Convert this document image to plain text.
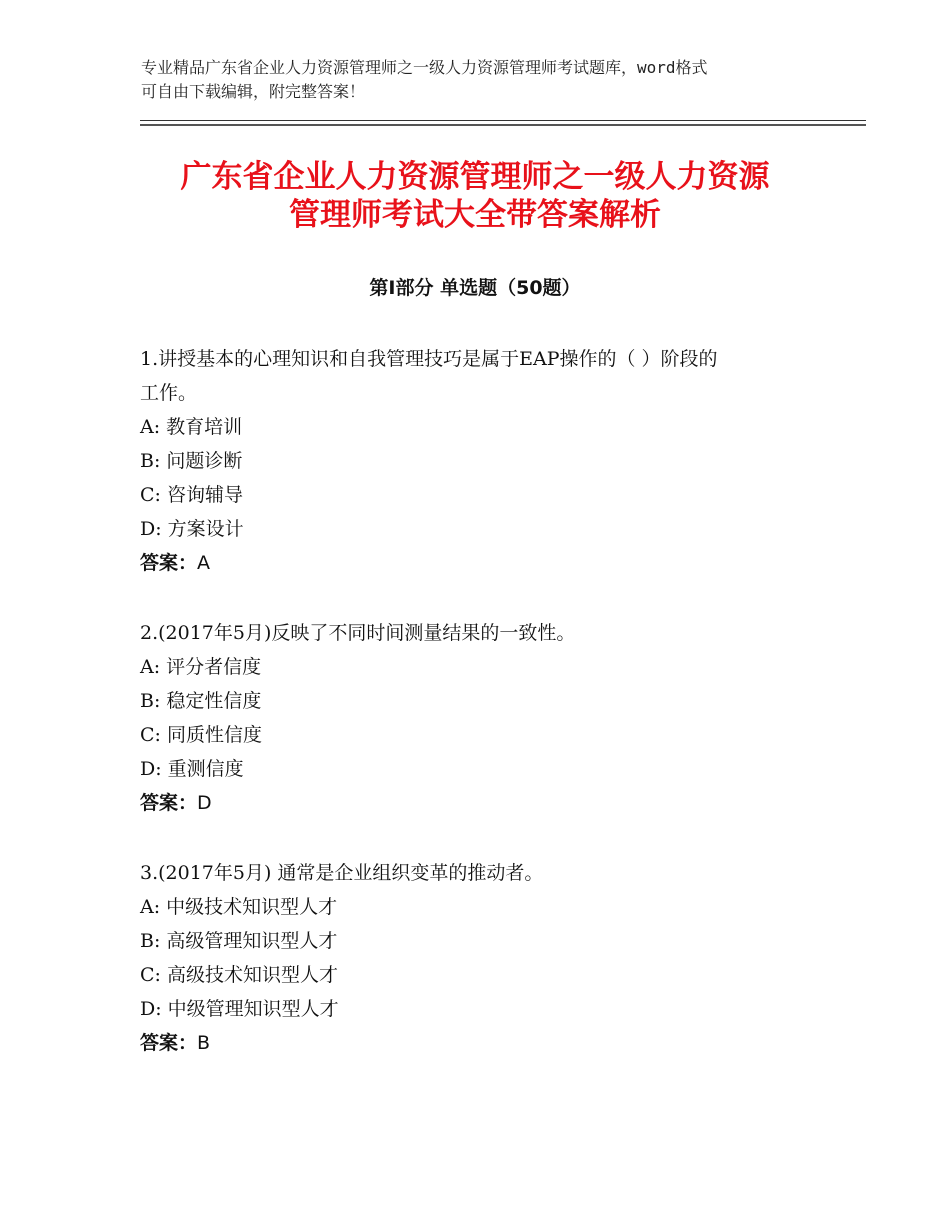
专业精品广东省企业人力资源管理师之一级人力资源管理师考试题库，word格式
可自由下载编辑，附完整答案！
广东省企业人力资源管理师之一级人力资源
管理师考试大全带答案解析
第Ⅰ部分 单选题（50题）

1.讲授基本的心理知识和自我管理技巧是属于EAP操作的（ ）阶段的

工作。

A: 教育培训

B: 问题诊断

C: 咨询辅导

D: 方案设计

答案：A

2.(2017年5月)反映了不同时间测量结果的一致性。

A: 评分者信度

B: 稳定性信度

C: 同质性信度

D: 重测信度

答案：D

3.(2017年5月) 通常是企业组织变革的推动者。

A: 中级技术知识型人才

B: 高级管理知识型人才

C: 高级技术知识型人才

D: 中级管理知识型人才

答案：B
